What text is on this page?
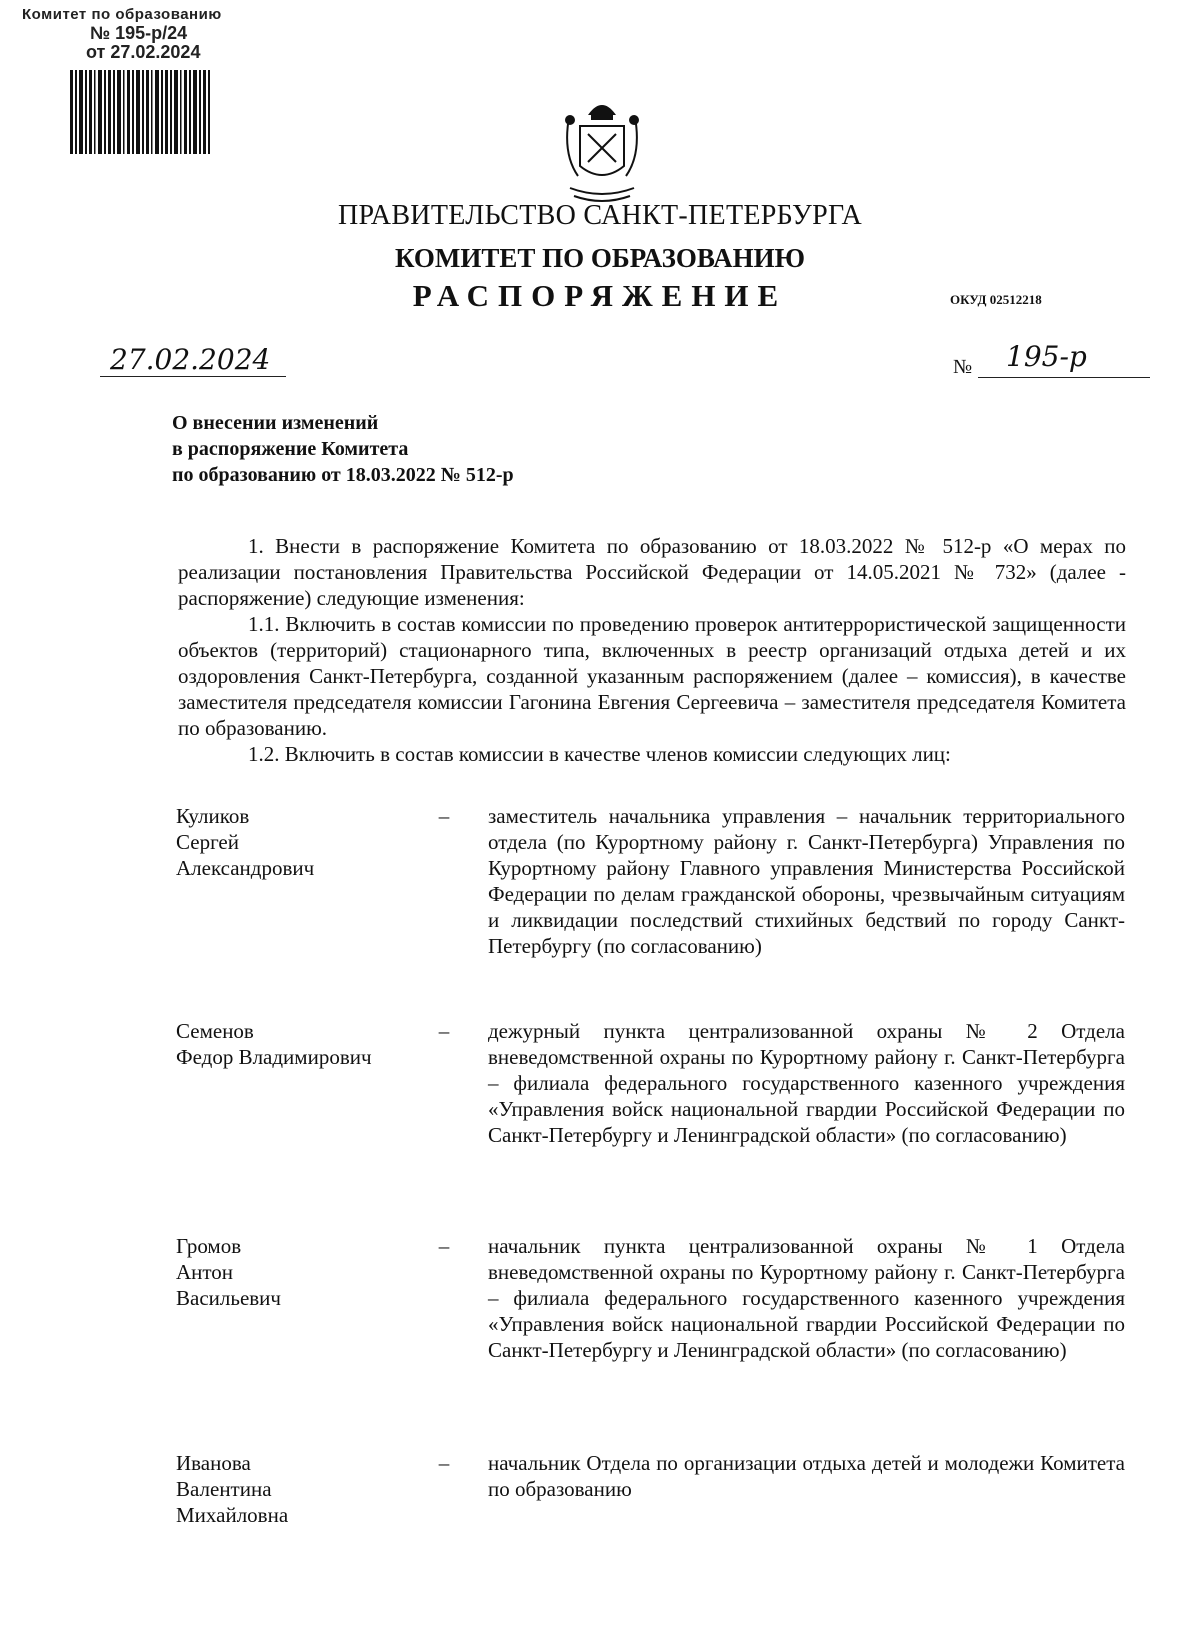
Комитет по образованию
№ 195-р/24
от 27.02.2024
ПРАВИТЕЛЬСТВО САНКТ-ПЕТЕРБУРГА
КОМИТЕТ ПО ОБРАЗОВАНИЮ
РАСПОРЯЖЕНИЕ	ОКУД 02512218
27.02.2024	№ 195-р
О внесении изменений
в распоряжение Комитета
по образованию от 18.03.2022 № 512-р

1. Внести в распоряжение Комитета по образованию от 18.03.2022 № 512-р «О мерах по реализации постановления Правительства Российской Федерации от 14.05.2021 № 732» (далее - распоряжение) следующие изменения:

1.1. Включить в состав комиссии по проведению проверок антитеррористической защищенности объектов (территорий) стационарного типа, включенных в реестр организаций отдыха детей и их оздоровления Санкт-Петербурга, созданной указанным распоряжением (далее – комиссия), в качестве заместителя председателя комиссии Гагонина Евгения Сергеевича – заместителя председателя Комитета по образованию.

1.2. Включить в состав комиссии в качестве членов комиссии следующих лиц:

Куликов
Сергей
Александрович
– заместитель начальника управления – начальник территориального отдела (по Курортному району г. Санкт-Петербурга) Управления по Курортному району Главного управления Министерства Российской Федерации по делам гражданской обороны, чрезвычайным ситуациям и ликвидации последствий стихийных бедствий по городу Санкт-Петербургу (по согласованию)
Семенов
Федор Владимирович
– дежурный пункта централизованной охраны № 2 Отдела вневедомственной охраны по Курортному району г. Санкт-Петербурга – филиала федерального государственного казенного учреждения «Управления войск национальной гвардии Российской Федерации по Санкт-Петербургу и Ленинградской области» (по согласованию)
Громов
Антон
Васильевич
– начальник пункта централизованной охраны № 1 Отдела вневедомственной охраны по Курортному району г. Санкт-Петербурга – филиала федерального государственного казенного учреждения «Управления войск национальной гвардии Российской Федерации по Санкт-Петербургу и Ленинградской области» (по согласованию)
Иванова
Валентина
Михайловна
– начальник Отдела по организации отдыха детей и молодежи Комитета по образованию
